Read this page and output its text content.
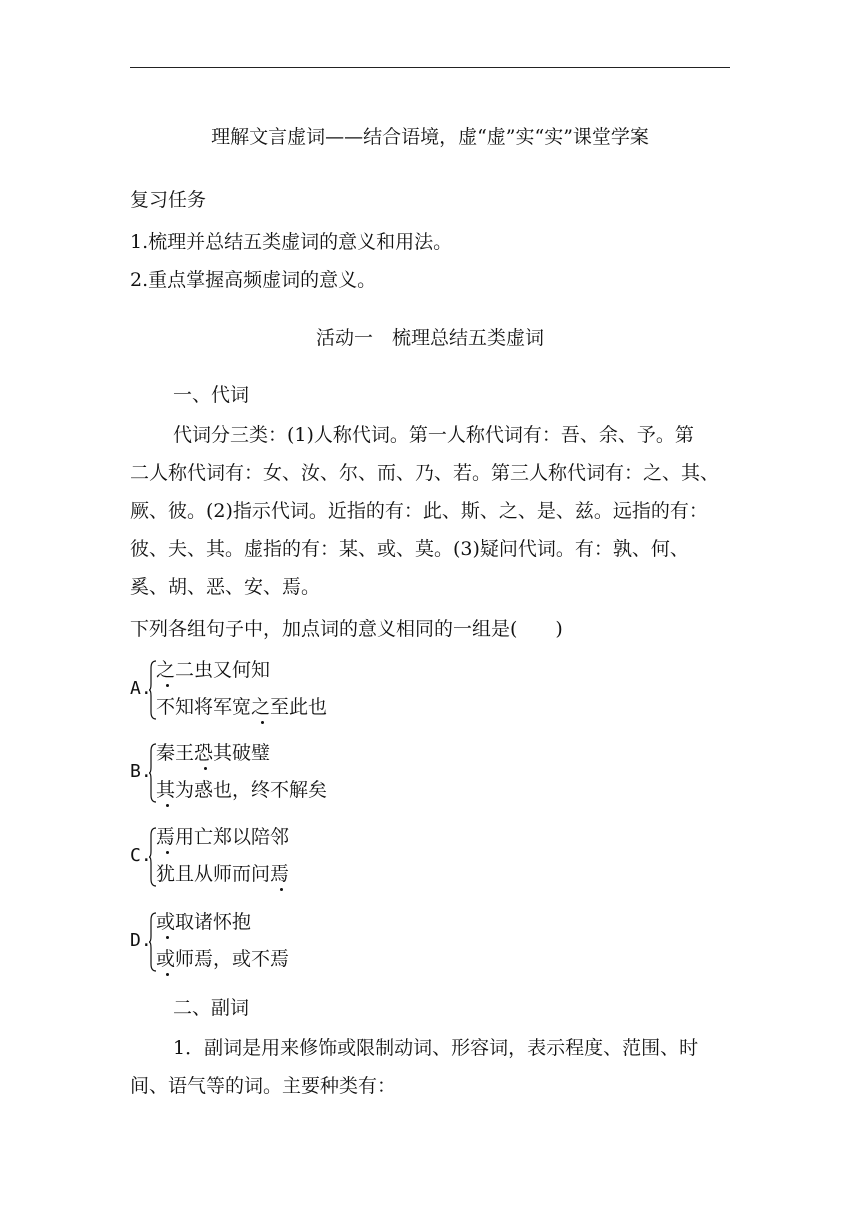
理解文言虚词——结合语境，虚“虚”实“实”课堂学案
复习任务
1.梳理并总结五类虚词的意义和用法。
2.重点掌握高频虚词的意义。
活动一　梳理总结五类虚词
一、代词
代词分三类：(1)人称代词。第一人称代词有：吾、余、予。第
二人称代词有：女、汝、尔、而、乃、若。第三人称代词有：之、其、
厥、彼。(2)指示代词。近指的有：此、斯、之、是、兹。远指的有：
彼、夫、其。虚指的有：某、或、莫。(3)疑问代词。有：孰、何、
奚、胡、恶、安、焉。
下列各组句子中，加点词的意义相同的一组是(　　)
A.
之二虫又何知
不知将军宽之至此也
B.
秦王恐其破璧
其为惑也，终不解矣
C.
焉用亡郑以陪邻
犹且从师而问焉
D.
或取诸怀抱
或师焉，或不焉
二、副词
1．副词是用来修饰或限制动词、形容词，表示程度、范围、时
间、语气等的词。主要种类有：
